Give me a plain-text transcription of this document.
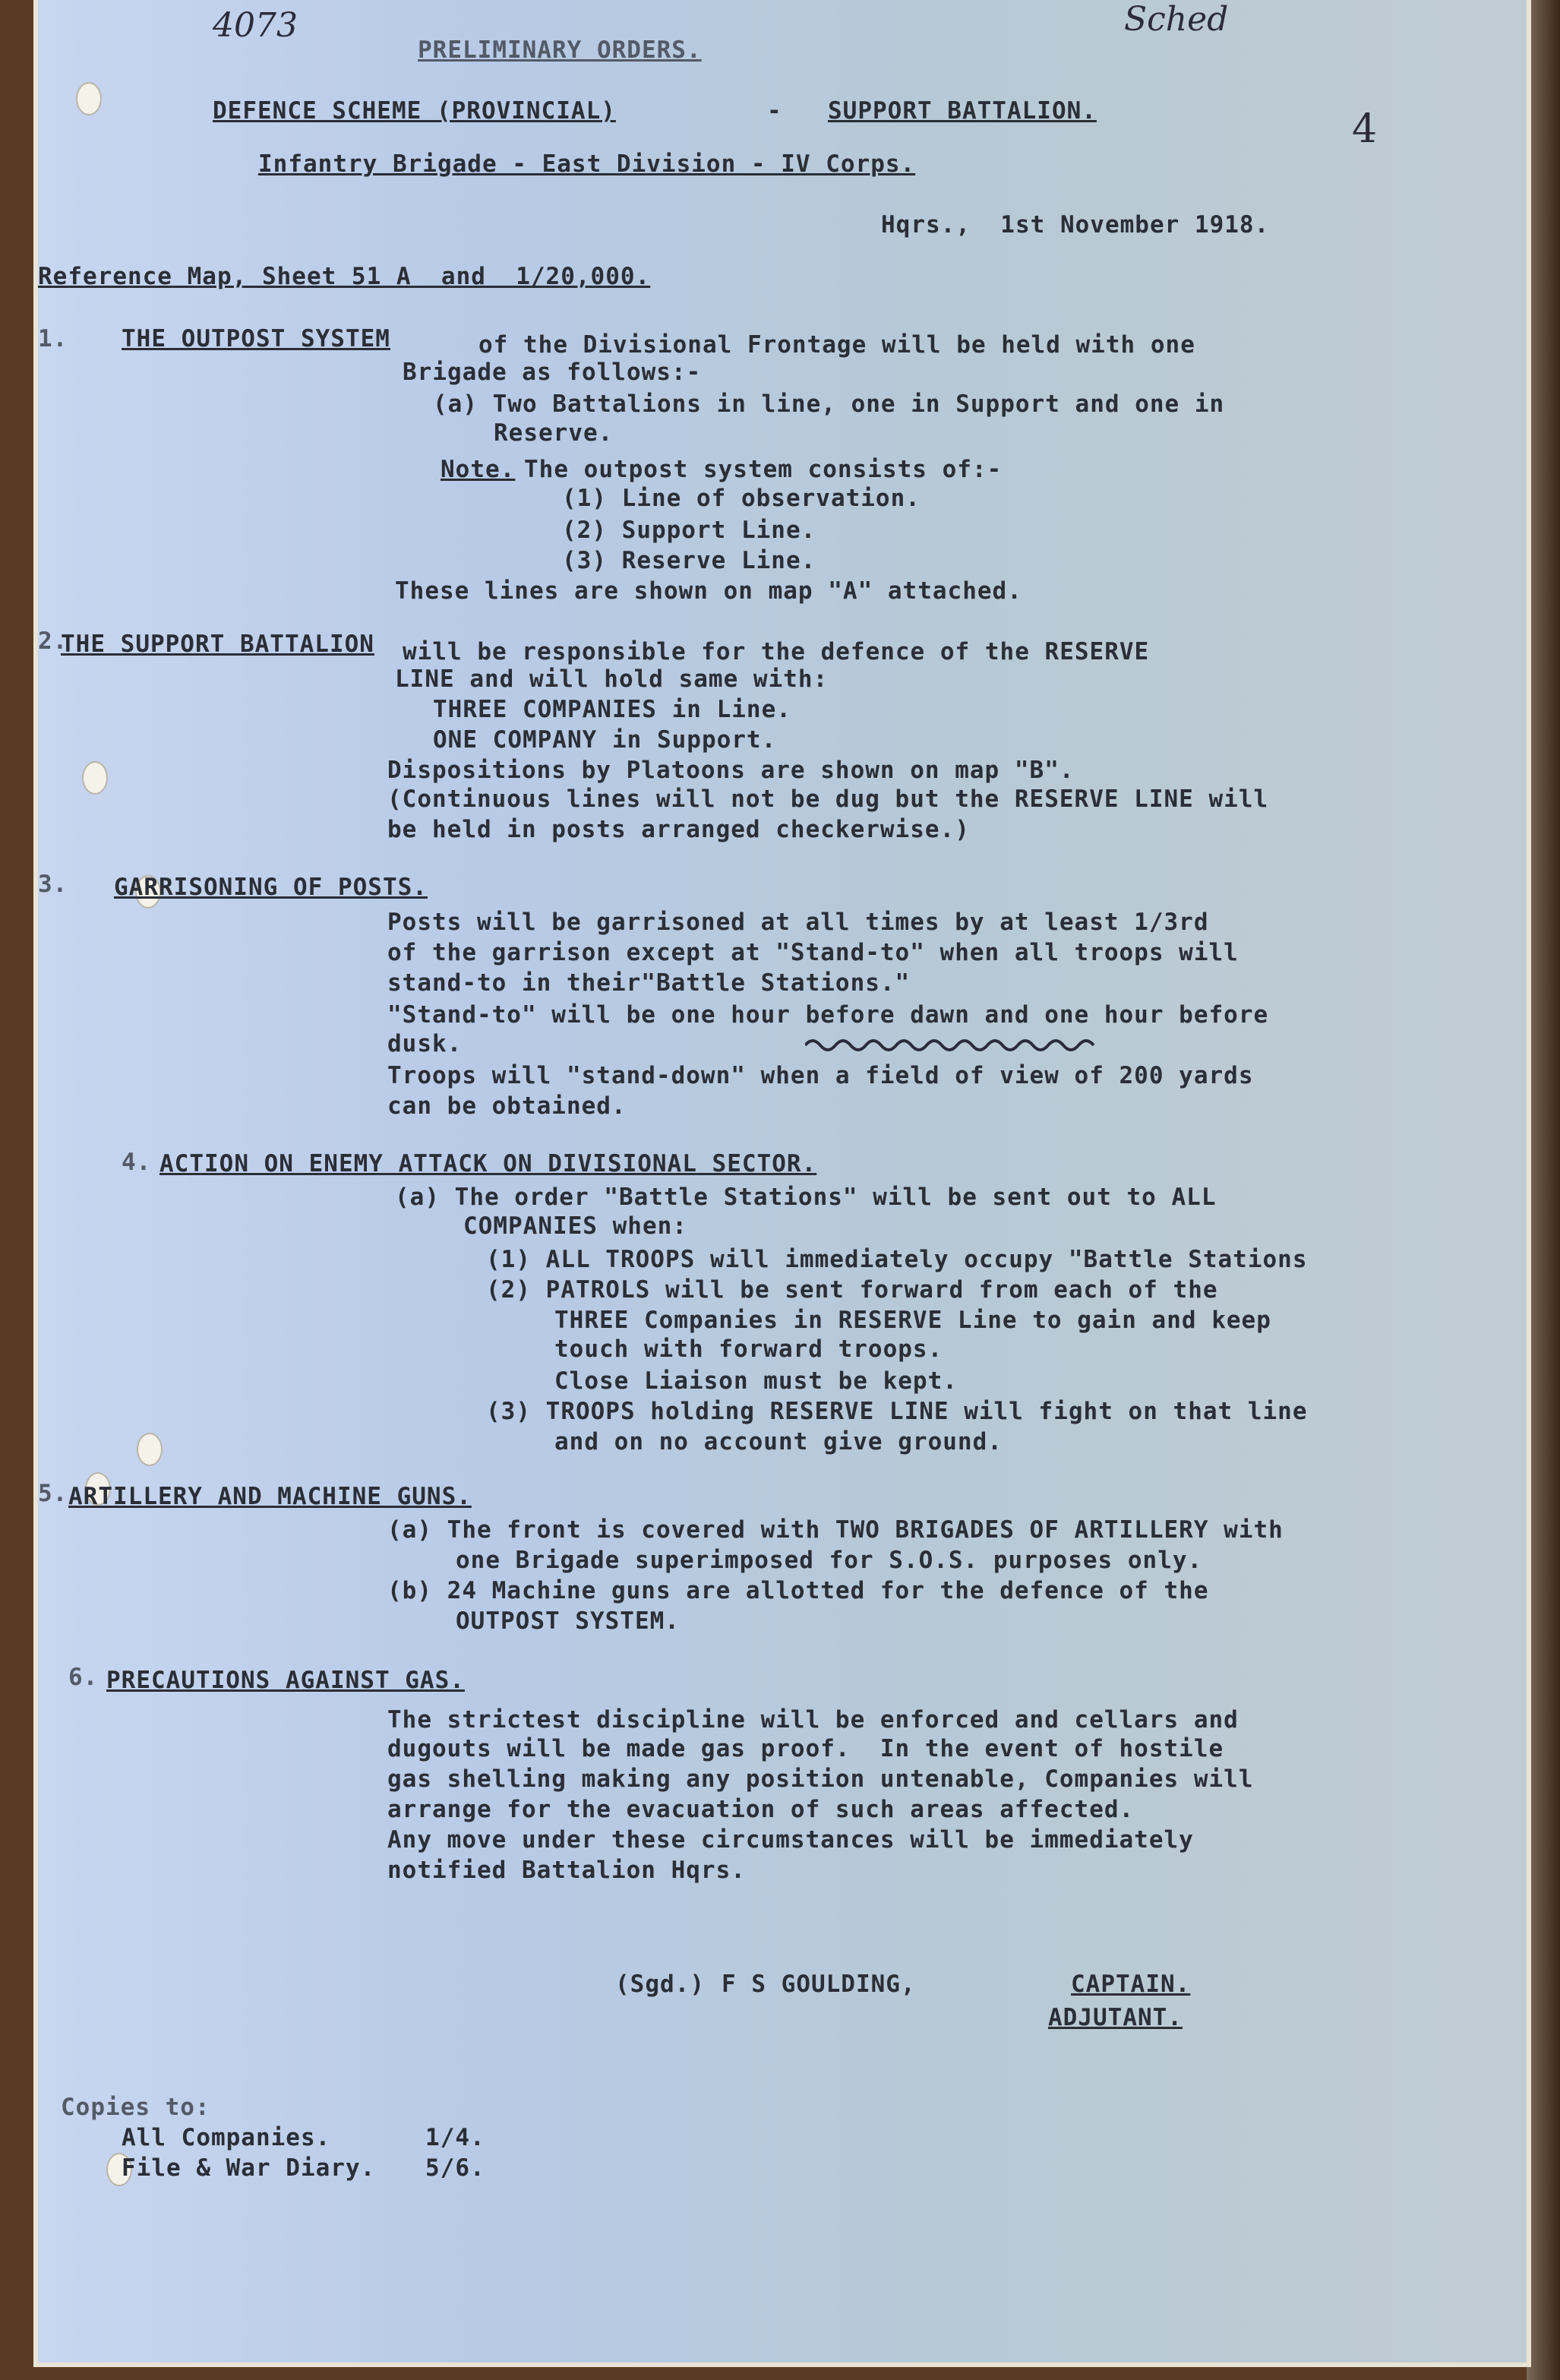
4073	Sched
4
PRELIMINARY ORDERS.
DEFENCE SCHEME (PROVINCIAL)	- SUPPORT BATTALION.
Infantry Brigade - East Division - IV Corps.
Hqrs.,  1st November 1918.
Reference Map, Sheet 51 A  and  1/20,000.
1. THE OUTPOST SYSTEM	of the Divisional Frontage will be held with one
Brigade as follows:-
(a) Two Battalions in line, one in Support and one in
Reserve.
Note. The outpost system consists of:-
(1) Line of observation.
(2) Support Line.
(3) Reserve Line.
These lines are shown on map "A" attached.
2.
THE SUPPORT BATTALION will be responsible for the defence of the RESERVE
LINE and will hold same with:
THREE COMPANIES in Line.
ONE COMPANY in Support.
Dispositions by Platoons are shown on map "B".
(Continuous lines will not be dug but the RESERVE LINE will
be held in posts arranged checkerwise.)
3. GARRISONING OF POSTS.
Posts will be garrisoned at all times by at least 1/3rd
of the garrison except at "Stand-to" when all troops will
stand-to in their"Battle Stations."
"Stand-to" will be one hour before dawn and one hour before
dusk.
Troops will "stand-down" when a field of view of 200 yards
can be obtained.
4. ACTION ON ENEMY ATTACK ON DIVISIONAL SECTOR.
(a) The order "Battle Stations" will be sent out to ALL
COMPANIES when:
(1) ALL TROOPS will immediately occupy "Battle Stations
(2) PATROLS will be sent forward from each of the
THREE Companies in RESERVE Line to gain and keep
touch with forward troops.
Close Liaison must be kept.
(3) TROOPS holding RESERVE LINE will fight on that line
and on no account give ground.
5. ARTILLERY AND MACHINE GUNS.
(a) The front is covered with TWO BRIGADES OF ARTILLERY with
one Brigade superimposed for S.O.S. purposes only.
(b) 24 Machine guns are allotted for the defence of the
OUTPOST SYSTEM.
6. PRECAUTIONS AGAINST GAS.
The strictest discipline will be enforced and cellars and
dugouts will be made gas proof.  In the event of hostile
gas shelling making any position untenable, Companies will
arrange for the evacuation of such areas affected.
Any move under these circumstances will be immediately
notified Battalion Hqrs.
(Sgd.) F S GOULDING,	CAPTAIN.
ADJUTANT.
Copies to:
All Companies.	1/4.
File & War Diary. 5/6.
